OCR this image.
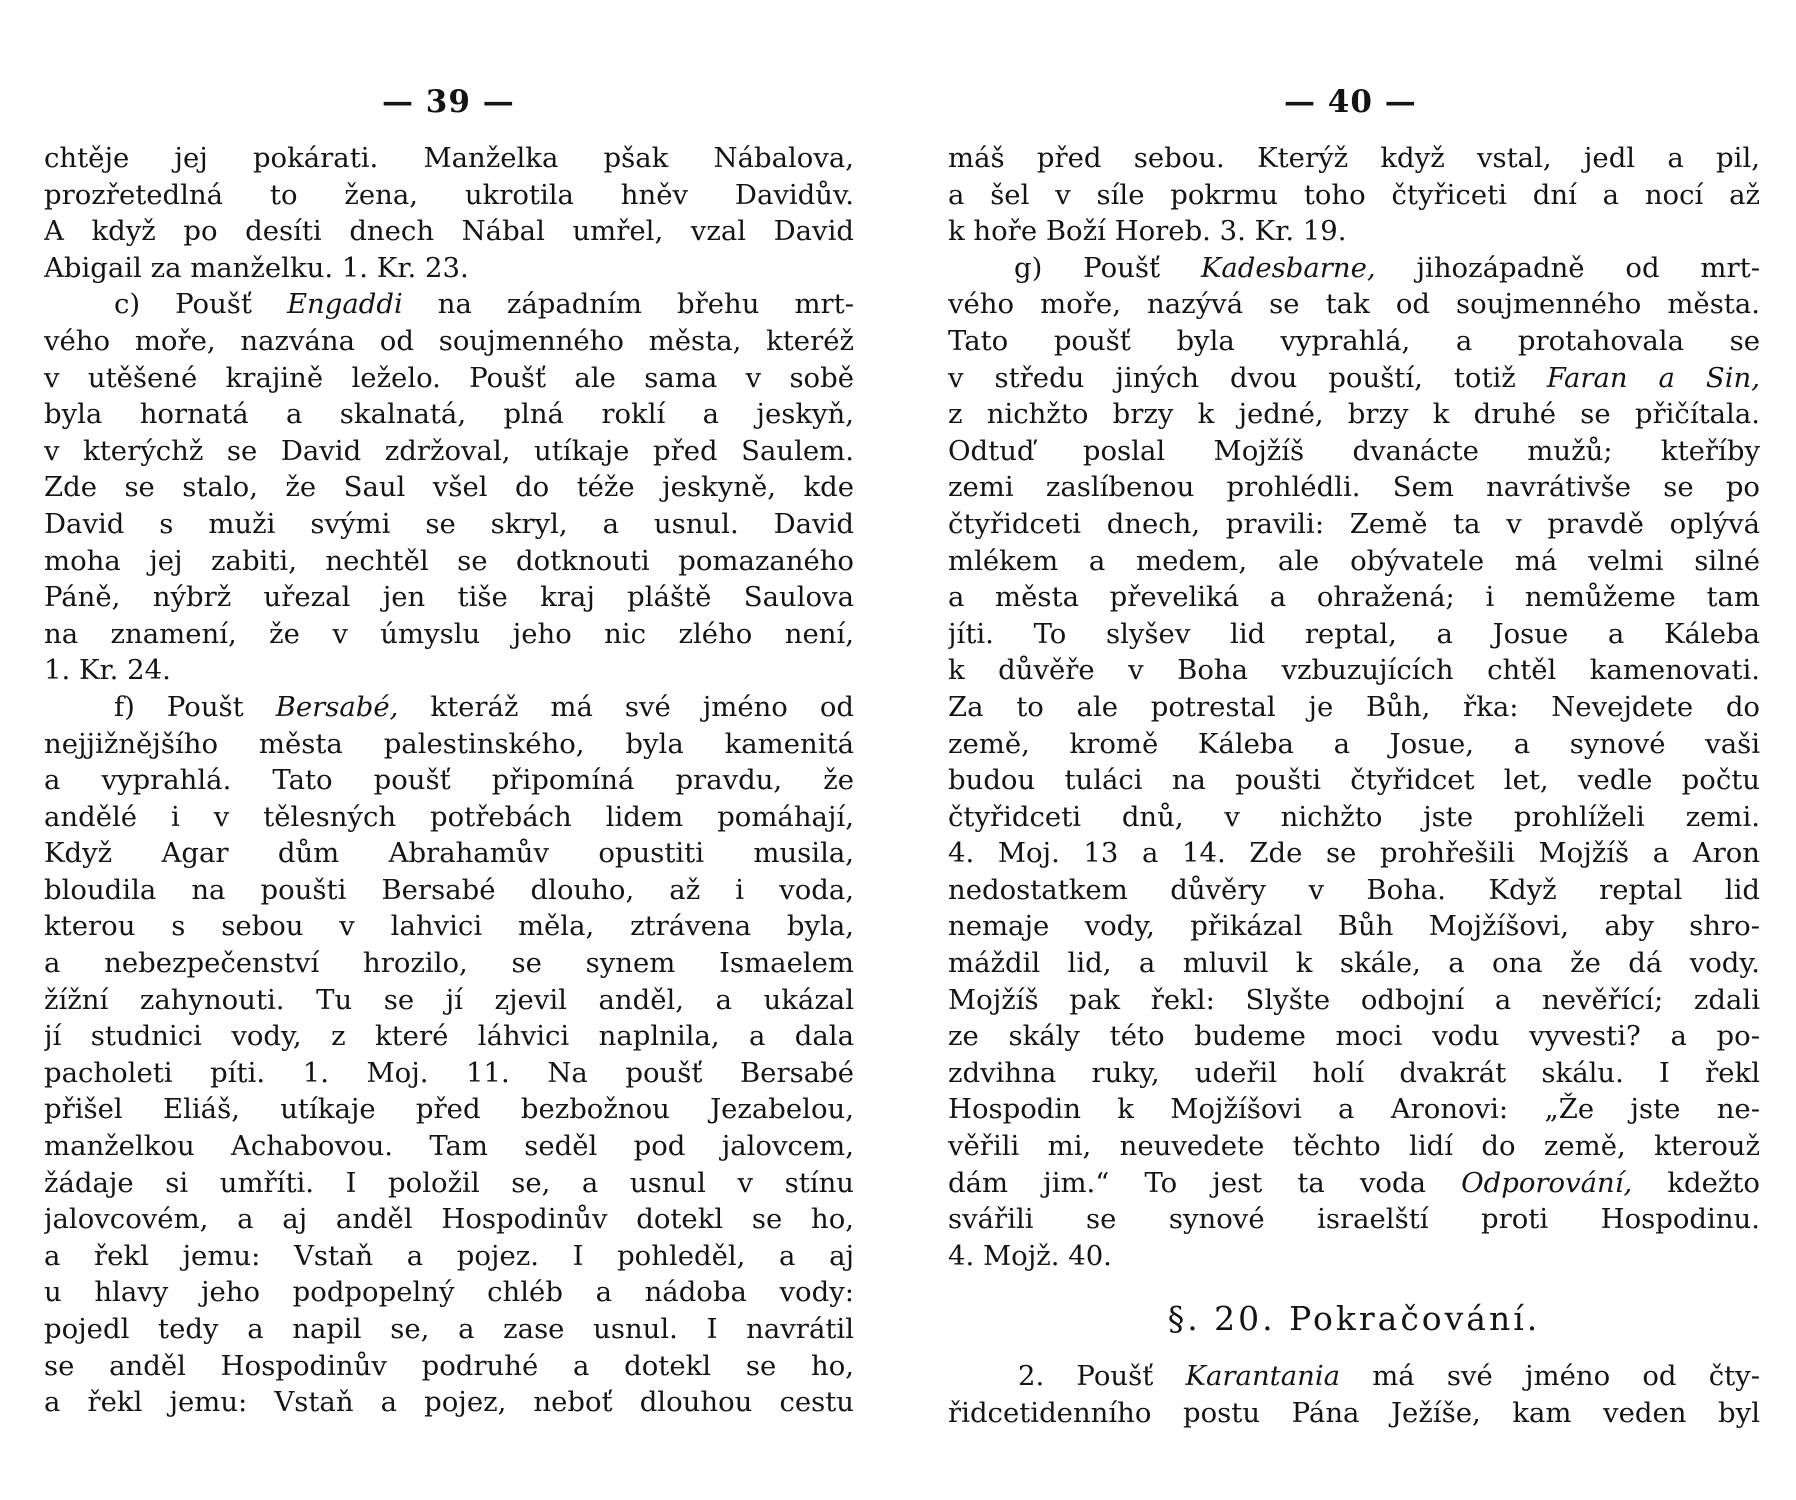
— 39 —
chtěje jej pokárati. Manželka pšak Nábalova,
prozřetedlná to žena, ukrotila hněv Davidův.
A když po desíti dnech Nábal umřel, vzal David
Abigail za manželku. 1. Kr. 23.
c) Poušť Engaddi na západním břehu mrt-
vého moře, nazvána od soujmenného města, kteréž
v utěšené krajině leželo. Poušť ale sama v sobě
byla hornatá a skalnatá, plná roklí a jeskyň,
v kterýchž se David zdržoval, utíkaje před Saulem.
Zde se stalo, že Saul všel do téže jeskyně, kde
David s muži svými se skryl, a usnul. David
moha jej zabiti, nechtěl se dotknouti pomazaného
Páně, nýbrž uřezal jen tiše kraj pláště Saulova
na znamení, že v úmyslu jeho nic zlého není,
1. Kr. 24.
f) Poušt Bersabé, kteráž má své jméno od
nejjižnějšího města palestinského, byla kamenitá
a vyprahlá. Tato poušť připomíná pravdu, že
andělé i v tělesných potřebách lidem pomáhají,
Když Agar dům Abrahamův opustiti musila,
bloudila na poušti Bersabé dlouho, až i voda,
kterou s sebou v lahvici měla, ztrávena byla,
a nebezpečenství hrozilo, se synem Ismaelem
žížní zahynouti. Tu se jí zjevil anděl, a ukázal
jí studnici vody, z které láhvici naplnila, a dala
pacholeti píti. 1. Moj. 11. Na poušť Bersabé
přišel Eliáš, utíkaje před bezbožnou Jezabelou,
manželkou Achabovou. Tam seděl pod jalovcem,
žádaje si umříti. I položil se, a usnul v stínu
jalovcovém, a aj anděl Hospodinův dotekl se ho,
a řekl jemu: Vstaň a pojez. I pohleděl, a aj
u hlavy jeho podpopelný chléb a nádoba vody:
pojedl tedy a napil se, a zase usnul. I navrátil
se anděl Hospodinův podruhé a dotekl se ho,
a řekl jemu: Vstaň a pojez, neboť dlouhou cestu
— 40 —
máš před sebou. Kterýž když vstal, jedl a pil,
a šel v síle pokrmu toho čtyřiceti dní a nocí až
k hoře Boží Horeb. 3. Kr. 19.
g) Poušť Kadesbarne, jihozápadně od mrt-
vého moře, nazývá se tak od soujmenného města.
Tato poušť byla vyprahlá, a protahovala se
v středu jiných dvou pouští, totiž Faran a Sin,
z nichžto brzy k jedné, brzy k druhé se přičítala.
Odtuď poslal Mojžíš dvanácte mužů; kteříby
zemi zaslíbenou prohlédli. Sem navrátivše se po
čtyřidceti dnech, pravili: Země ta v pravdě oplývá
mlékem a medem, ale obývatele má velmi silné
a města převeliká a ohražená; i nemůžeme tam
jíti. To slyšev lid reptal, a Josue a Káleba
k důvěře v Boha vzbuzujících chtěl kamenovati.
Za to ale potrestal je Bůh, řka: Nevejdete do
země, kromě Káleba a Josue, a synové vaši
budou tuláci na poušti čtyřidcet let, vedle počtu
čtyřidceti dnů, v nichžto jste prohlíželi zemi.
4. Moj. 13 a 14. Zde se prohřešili Mojžíš a Aron
nedostatkem důvěry v Boha. Když reptal lid
nemaje vody, přikázal Bůh Mojžíšovi, aby shro-
máždil lid, a mluvil k skále, a ona že dá vody.
Mojžíš pak řekl: Slyšte odbojní a nevěřící; zdali
ze skály této budeme moci vodu vyvesti? a po-
zdvihna ruky, udeřil holí dvakrát skálu. I řekl
Hospodin k Mojžíšovi a Aronovi: „Že jste ne-
věřili mi, neuvedete těchto lidí do země, kterouž
dám jim.“ To jest ta voda Odporování, kdežto
svářili se synové israelští proti Hospodinu.
4. Mojž. 40.
§. 20. Pokračování.
2. Poušť Karantania má své jméno od čty-
řidcetidenního postu Pána Ježíše, kam veden byl
